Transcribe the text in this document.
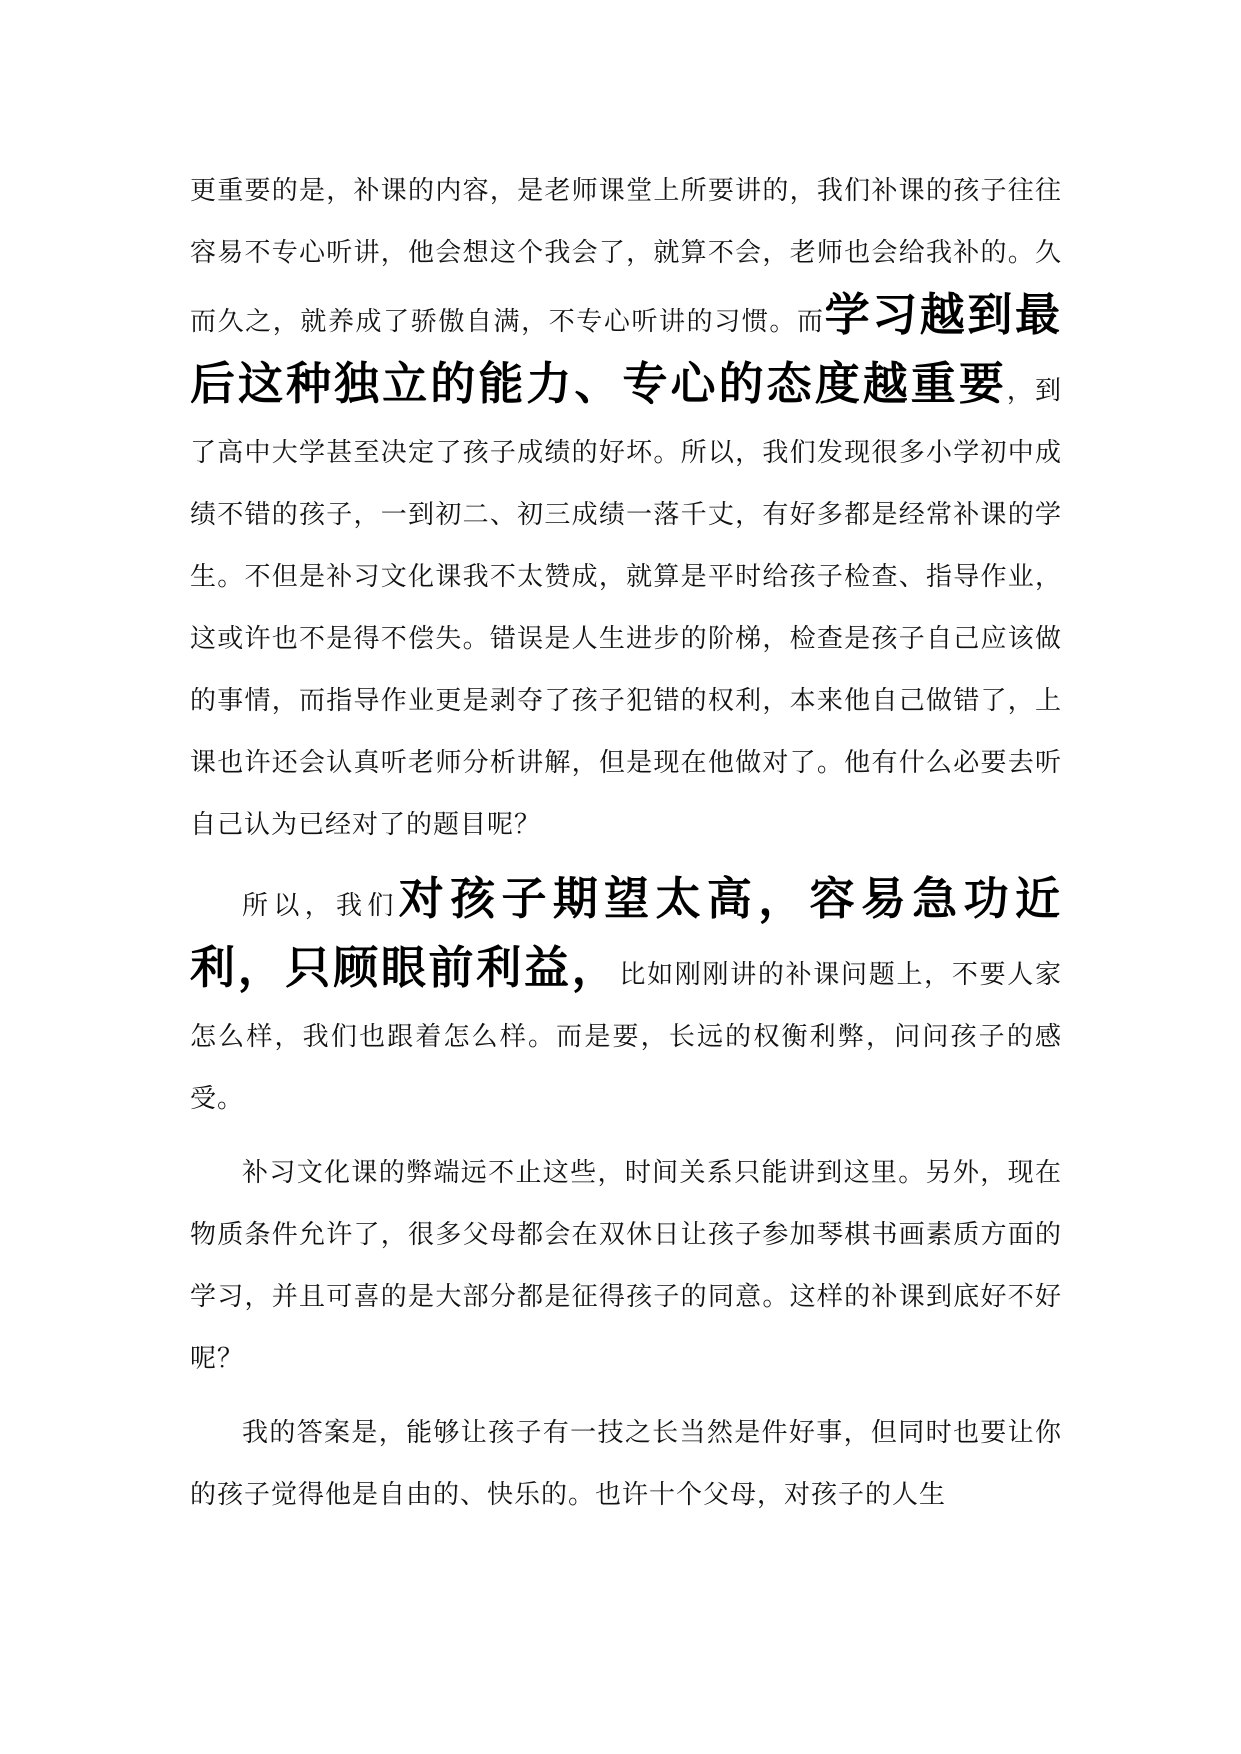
更重要的是，补课的内容，是老师课堂上所要讲的，我们补课的孩子往往容易不专心听讲，他会想这个我会了，就算不会，老师也会给我补的。久而久之，就养成了骄傲自满，不专心听讲的习惯。而学习越到最后这种独立的能力、专心的态度越重要，到了高中大学甚至决定了孩子成绩的好坏。所以，我们发现很多小学初中成绩不错的孩子，一到初二、初三成绩一落千丈，有好多都是经常补课的学生。不但是补习文化课我不太赞成，就算是平时给孩子检查、指导作业，这或许也不是得不偿失。错误是人生进步的阶梯，检查是孩子自己应该做的事情，而指导作业更是剥夺了孩子犯错的权利，本来他自己做错了，上课也许还会认真听老师分析讲解，但是现在他做对了。他有什么必要去听自己认为已经对了的题目呢？

所以，我们对孩子期望太高，容易急功近利，只顾眼前利益，比如刚刚讲的补课问题上，不要人家怎么样，我们也跟着怎么样。而是要，长远的权衡利弊，问问孩子的感受。

补习文化课的弊端远不止这些，时间关系只能讲到这里。另外，现在物质条件允许了，很多父母都会在双休日让孩子参加琴棋书画素质方面的学习，并且可喜的是大部分都是征得孩子的同意。这样的补课到底好不好呢？

我的答案是，能够让孩子有一技之长当然是件好事，但同时也要让你的孩子觉得他是自由的、快乐的。也许十个父母，对孩子的人生
